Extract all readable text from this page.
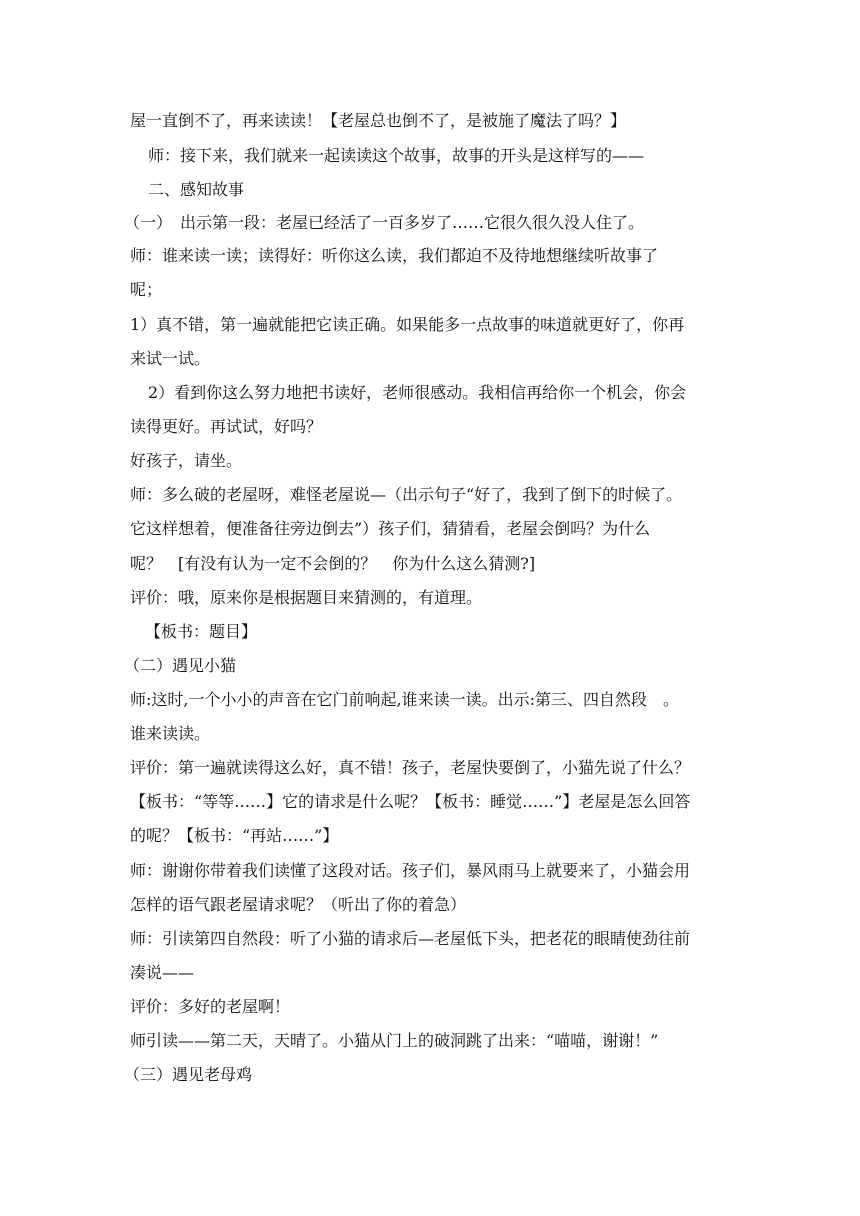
屋一直倒不了，再来读读！【老屋总也倒不了，是被施了魔法了吗？】
师：接下来，我们就来一起读读这个故事，故事的开头是这样写的——
二、感知故事
（一）　出示第一段：老屋已经活了一百多岁了……它很久很久没人住了。
师：谁来读一读；读得好：听你这么读，我们都迫不及待地想继续听故事了
呢；
1）真不错，第一遍就能把它读正确。如果能多一点故事的味道就更好了，你再
来试一试。
2）看到你这么努力地把书读好，老师很感动。我相信再给你一个机会，你会
读得更好。再试试，好吗？
好孩子，请坐。
师：多么破的老屋呀，难怪老屋说—（出示句子“好了，我到了倒下的时候了。
它这样想着，便准备往旁边倒去”）孩子们，猜猜看，老屋会倒吗？为什么
呢？　[有没有认为一定不会倒的？　你为什么这么猜测?]
评价：哦，原来你是根据题目来猜测的，有道理。
【板书：题目】
（二）遇见小猫
师:这时,一个小小的声音在它门前响起,谁来读一读。出示:第三、四自然段　。
谁来读读。
评价：第一遍就读得这么好，真不错！孩子，老屋快要倒了，小猫先说了什么？
【板书：“等等……】它的请求是什么呢？【板书：睡觉……”】老屋是怎么回答
的呢？【板书：“再站……”】
师：谢谢你带着我们读懂了这段对话。孩子们，暴风雨马上就要来了，小猫会用
怎样的语气跟老屋请求呢？（听出了你的着急）
师：引读第四自然段：听了小猫的请求后—老屋低下头，把老花的眼睛使劲往前
凑说——
评价：多好的老屋啊！
师引读——第二天，天晴了。小猫从门上的破洞跳了出来：“喵喵，谢谢！”
（三）遇见老母鸡
